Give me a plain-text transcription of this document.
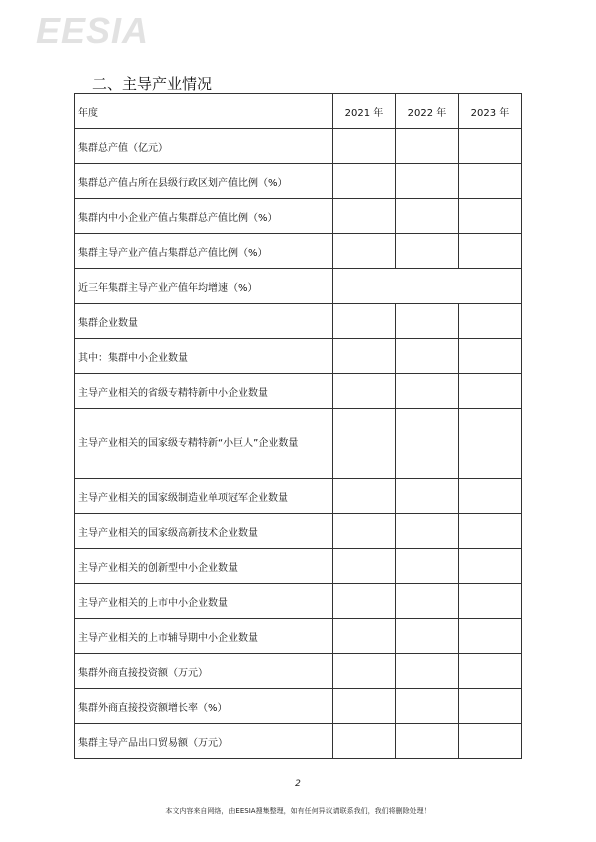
EESIA
二、主导产业情况
年度	2021 年	2022 年	2023 年
集群总产值（亿元）			
集群总产值占所在县级行政区划产值比例（%）			
集群内中小企业产值占集群总产值比例（%）			
集群主导产业产值占集群总产值比例（%）			
近三年集群主导产业产值年均增速（%）			
集群企业数量			
其中：集群中小企业数量			
主导产业相关的省级专精特新中小企业数量			
主导产业相关的国家级专精特新“小巨人”企业数量			
主导产业相关的国家级制造业单项冠军企业数量			
主导产业相关的国家级高新技术企业数量			
主导产业相关的创新型中小企业数量			
主导产业相关的上市中小企业数量			
主导产业相关的上市辅导期中小企业数量			
集群外商直接投资额（万元）			
集群外商直接投资额增长率（%）			
集群主导产品出口贸易额（万元）			
2
本文内容来自网络，由EESIA搜集整理，如有任何异议请联系我们，我们将删除处理！
